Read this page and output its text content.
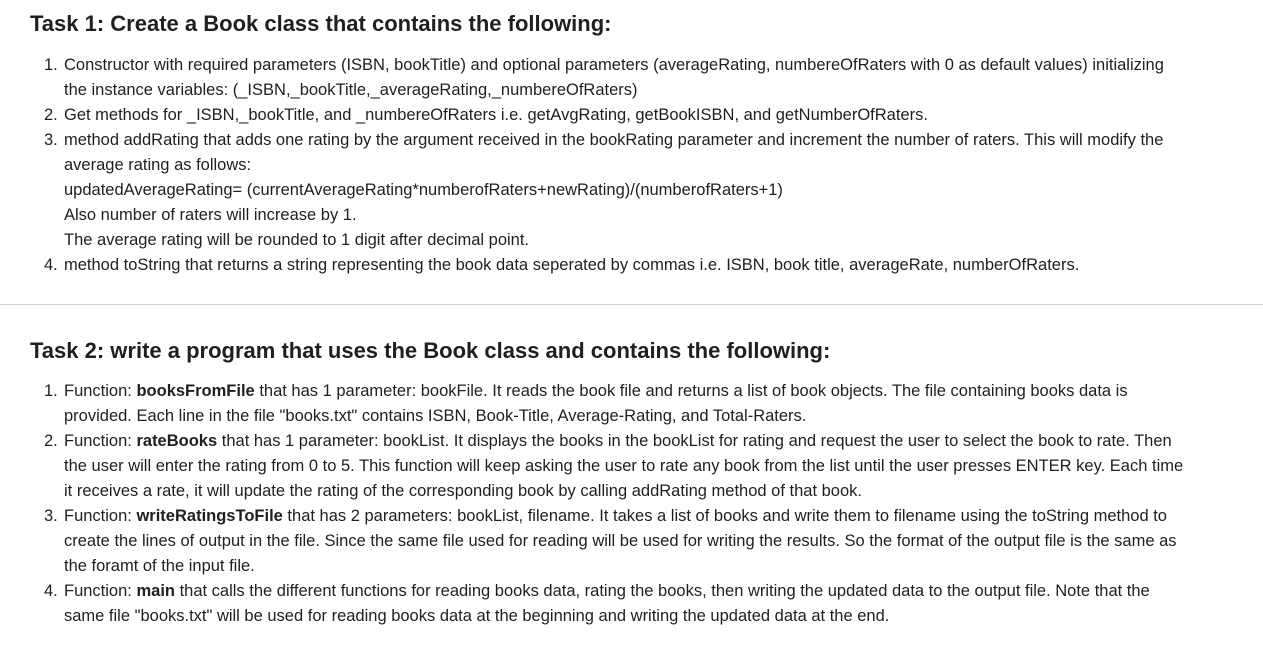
Task 1: Create a Book class that contains the following:
1. Constructor with required parameters (ISBN, bookTitle) and optional parameters (averageRating, numbereOfRaters with 0 as default values) initializing
the instance variables: (_ISBN,_bookTitle,_averageRating,_numbereOfRaters)
2. Get methods for _ISBN,_bookTitle, and _numbereOfRaters i.e. getAvgRating, getBookISBN, and getNumberOfRaters.
3. method addRating that adds one rating by the argument received in the bookRating parameter and increment the number of raters. This will modify the
average rating as follows:
updatedAverageRating= (currentAverageRating*numberofRaters+newRating)/(numberofRaters+1)
Also number of raters will increase by 1.
The average rating will be rounded to 1 digit after decimal point.
4. method toString that returns a string representing the book data seperated by commas i.e. ISBN, book title, averageRate, numberOfRaters.
Task 2: write a program that uses the Book class and contains the following:
1. Function: booksFromFile that has 1 parameter: bookFile. It reads the book file and returns a list of book objects. The file containing books data is
provided. Each line in the file "books.txt" contains ISBN, Book-Title, Average-Rating, and Total-Raters.
2. Function: rateBooks that has 1 parameter: bookList. It displays the books in the bookList for rating and request the user to select the book to rate. Then
the user will enter the rating from 0 to 5. This function will keep asking the user to rate any book from the list until the user presses ENTER key. Each time
it receives a rate, it will update the rating of the corresponding book by calling addRating method of that book.
3. Function: writeRatingsToFile that has 2 parameters: bookList, filename. It takes a list of books and write them to filename using the toString method to
create the lines of output in the file. Since the same file used for reading will be used for writing the results. So the format of the output file is the same as
the foramt of the input file.
4. Function: main that calls the different functions for reading books data, rating the books, then writing the updated data to the output file. Note that the
same file "books.txt" will be used for reading books data at the beginning and writing the updated data at the end.
